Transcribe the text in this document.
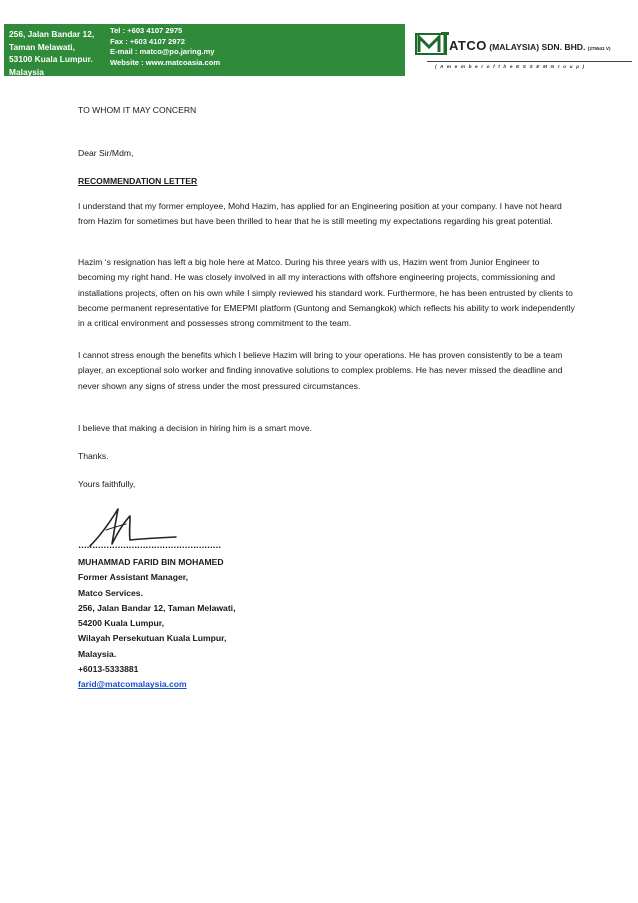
256, Jalan Bandar 12,
Taman Melawati,
53100 Kuala Lumpur.
Malaysia
Tel : +603 4107 2975
Fax : +603 4107 2972
E-mail : matco@po.jaring.my
Website : www.matcoasia.com
ATCO (MALAYSIA) SDN. BHD. (275541 V)
( A m e m b e r o f t h e E S S E M G r o u p )

TO WHOM IT MAY CONCERN

Dear Sir/Mdm,

RECOMMENDATION LETTER

I understand that my former employee, Mohd Hazim, has applied for an Engineering position at your company. I have not heard from Hazim for sometimes but have been thrilled to hear that he is still meeting my expectations regarding his great potential.

Hazim ‘s resignation has left a big hole here at Matco. During his three years with us, Hazim went from Junior Engineer to becoming my right hand. He was closely involved in all my interactions with offshore engineering projects, commissioning and installations projects, often on his own while I simply reviewed his standard work. Furthermore, he has been entrusted by clients to become permanent representative for EMEPMI platform (Guntong and Semangkok) which reflects his ability to work independently in a critical environment and possesses strong commitment to the team.

I cannot stress enough the benefits which I believe Hazim will bring to your operations. He has proven consistently to be a team player, an exceptional solo worker and finding innovative solutions to complex problems. He has never missed the deadline and never shown any signs of stress under the most pressured circumstances.

I believe that making a decision in hiring him is a smart move.

Thanks.

Yours faithfully,

……………………………………………
MUHAMMAD FARID BIN MOHAMED
Former Assistant Manager,
Matco Services.
256, Jalan Bandar 12, Taman Melawati,
54200 Kuala Lumpur,
Wilayah Persekutuan Kuala Lumpur,
Malaysia.
+6013-5333881
farid@matcomalaysia.com
